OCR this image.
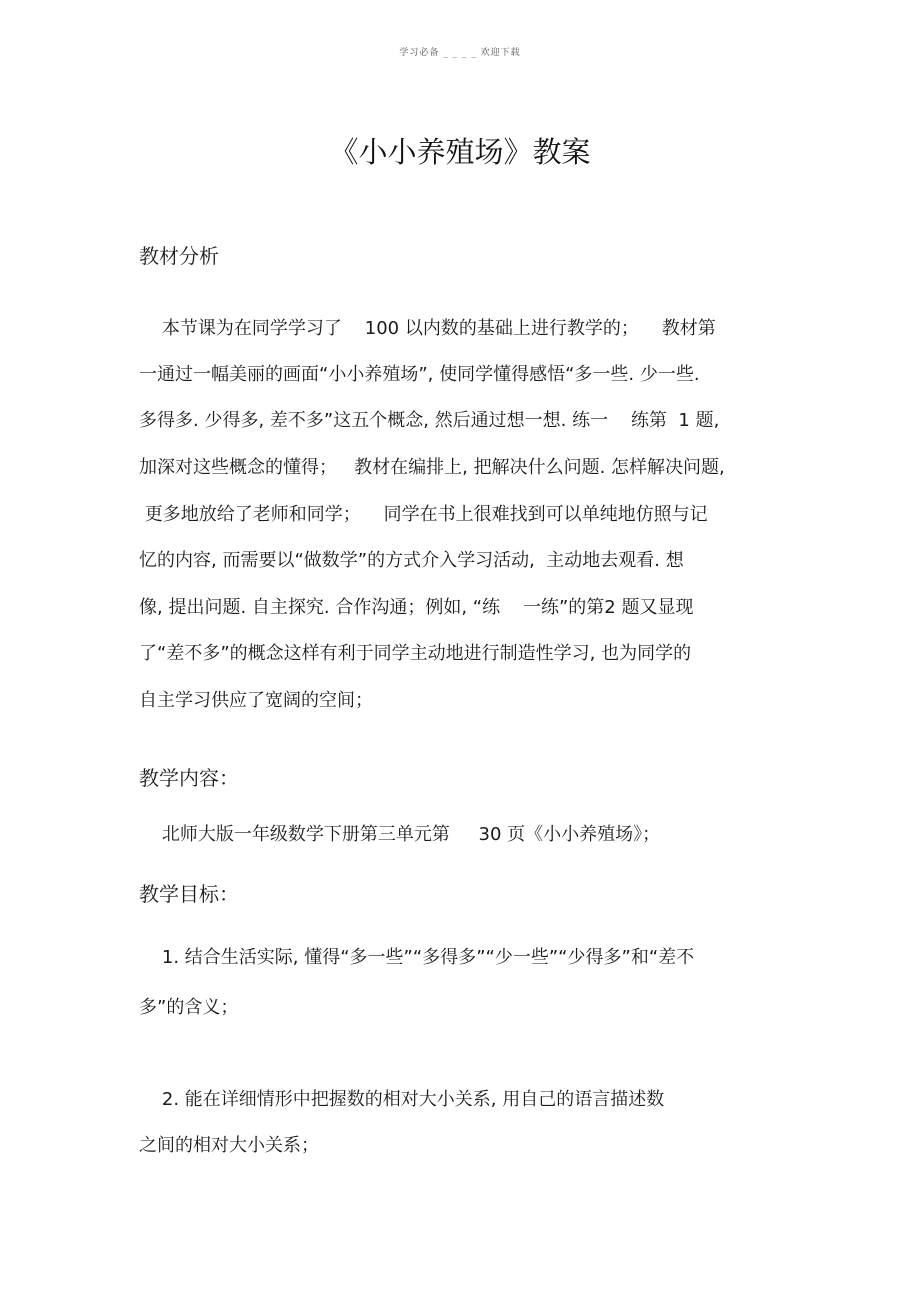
学习必备 _ _ _ _ 欢迎下载
《小小养殖场》教案
教材分析
本节课为在同学学习了    100 以内数的基础上进行教学的；    教材第
一通过一幅美丽的画面“小小养殖场”, 使同学懂得感悟“多一些. 少一些.
多得多. 少得多, 差不多”这五个概念, 然后通过想一想. 练一    练第  1 题,
加深对这些概念的懂得；   教材在编排上, 把解决什么问题. 怎样解决问题,
更多地放给了老师和同学；    同学在书上很难找到可以单纯地仿照与记
忆的内容, 而需要以“做数学”的方式介入学习活动,  主动地去观看. 想
像, 提出问题. 自主探究. 合作沟通；例如, “练    一练”的第2 题又显现
了“差不多”的概念这样有利于同学主动地进行制造性学习, 也为同学的
自主学习供应了宽阔的空间；
教学内容：
北师大版一年级数学下册第三单元第     30 页《小小养殖场》；
教学目标：
1. 结合生活实际, 懂得“多一些”“多得多”“少一些”“少得多”和“差不
多”的含义；
2. 能在详细情形中把握数的相对大小关系, 用自己的语言描述数
之间的相对大小关系；
